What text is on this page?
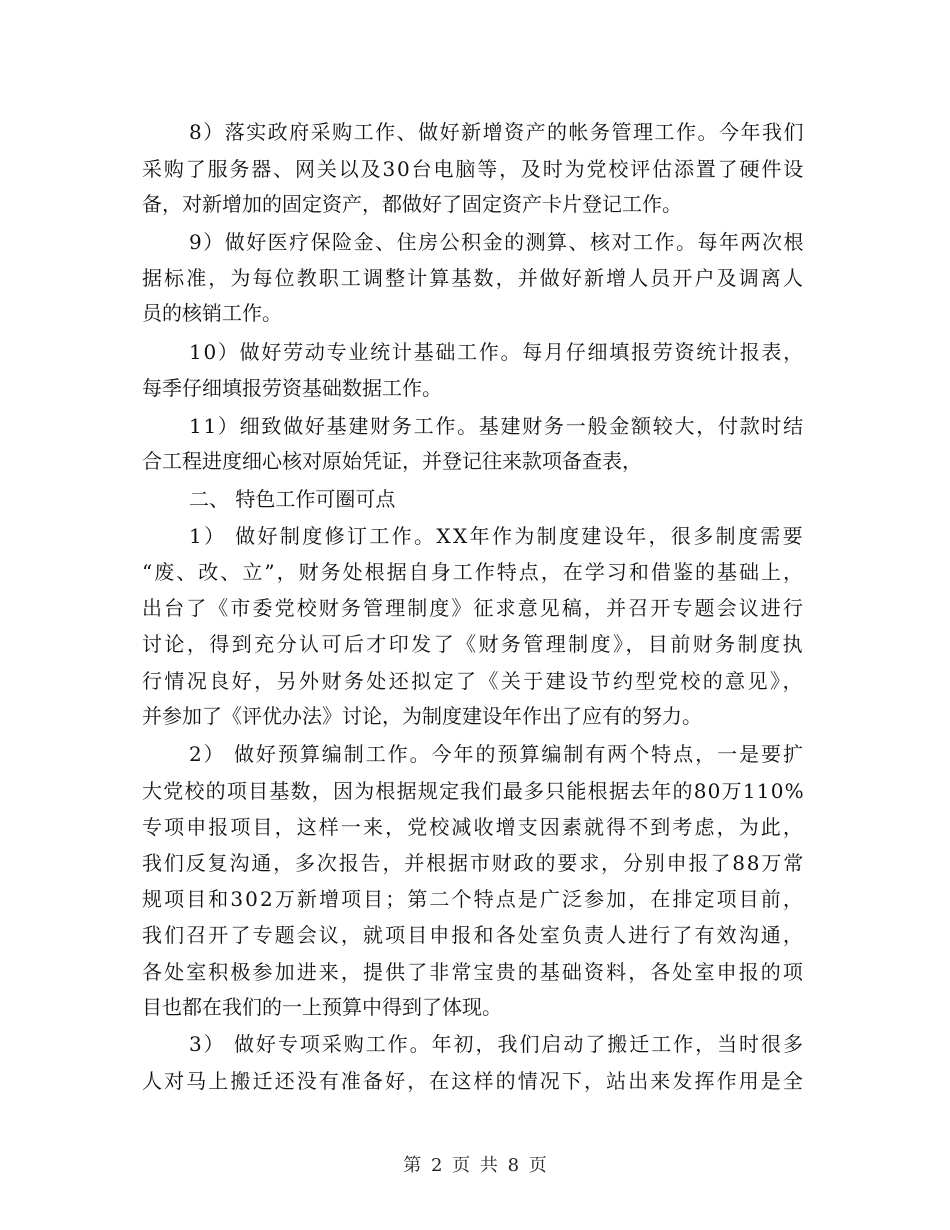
8）落实政府采购工作、做好新增资产的帐务管理工作。今年我们

采购了服务器、网关以及30台电脑等，及时为党校评估添置了硬件设

备，对新增加的固定资产，都做好了固定资产卡片登记工作。

9）做好医疗保险金、住房公积金的测算、核对工作。每年两次根

据标准，为每位教职工调整计算基数，并做好新增人员开户及调离人

员的核销工作。

10）做好劳动专业统计基础工作。每月仔细填报劳资统计报表，

每季仔细填报劳资基础数据工作。

11）细致做好基建财务工作。基建财务一般金额较大，付款时结

合工程进度细心核对原始凭证，并登记往来款项备查表，

二、 特色工作可圈可点

1） 做好制度修订工作。XX年作为制度建设年，很多制度需要

“废、改、立”，财务处根据自身工作特点，在学习和借鉴的基础上，

出台了《市委党校财务管理制度》征求意见稿，并召开专题会议进行

讨论，得到充分认可后才印发了《财务管理制度》，目前财务制度执

行情况良好，另外财务处还拟定了《关于建设节约型党校的意见》，

并参加了《评优办法》讨论，为制度建设年作出了应有的努力。

2） 做好预算编制工作。今年的预算编制有两个特点，一是要扩

大党校的项目基数，因为根据规定我们最多只能根据去年的80万110%

专项申报项目，这样一来，党校减收增支因素就得不到考虑，为此，

我们反复沟通，多次报告，并根据市财政的要求，分别申报了88万常

规项目和302万新增项目；第二个特点是广泛参加，在排定项目前，

我们召开了专题会议，就项目申报和各处室负责人进行了有效沟通，

各处室积极参加进来，提供了非常宝贵的基础资料，各处室申报的项

目也都在我们的一上预算中得到了体现。

3） 做好专项采购工作。年初，我们启动了搬迁工作，当时很多

人对马上搬迁还没有准备好，在这样的情况下，站出来发挥作用是全

第 2 页 共 8 页
